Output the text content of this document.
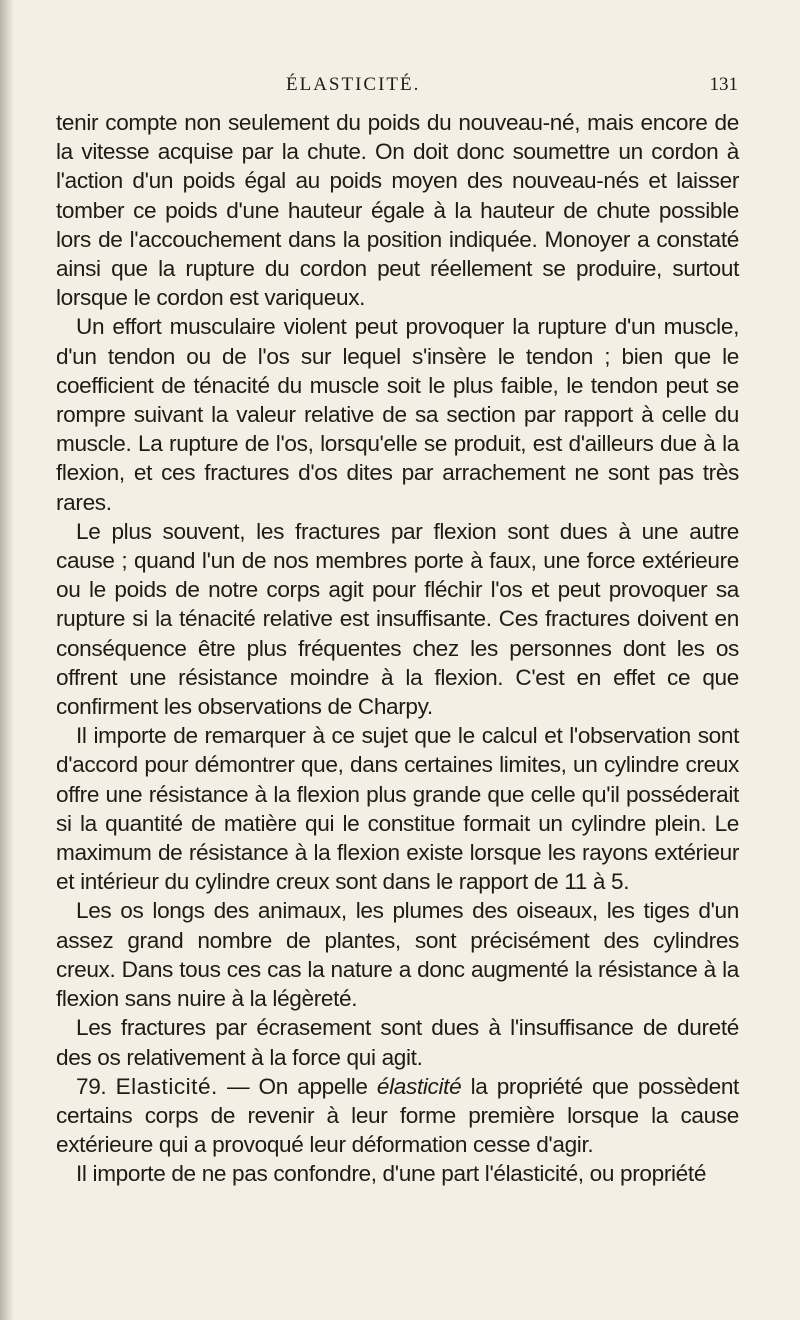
ÉLASTICITÉ.	131

tenir compte non seulement du poids du nouveau-né, mais encore de la vitesse acquise par la chute. On doit donc soumettre un cordon à l'action d'un poids égal au poids moyen des nouveau-nés et laisser tomber ce poids d'une hauteur égale à la hauteur de chute possible lors de l'accouchement dans la position indiquée. Monoyer a constaté ainsi que la rupture du cordon peut réellement se produire, surtout lorsque le cordon est variqueux.

Un effort musculaire violent peut provoquer la rupture d'un muscle, d'un tendon ou de l'os sur lequel s'insère le tendon ; bien que le coefficient de ténacité du muscle soit le plus faible, le tendon peut se rompre suivant la valeur relative de sa section par rapport à celle du muscle. La rupture de l'os, lorsqu'elle se produit, est d'ailleurs due à la flexion, et ces fractures d'os dites par arrachement ne sont pas très rares.

Le plus souvent, les fractures par flexion sont dues à une autre cause ; quand l'un de nos membres porte à faux, une force extérieure ou le poids de notre corps agit pour fléchir l'os et peut provoquer sa rupture si la ténacité relative est insuffisante. Ces fractures doivent en conséquence être plus fréquentes chez les personnes dont les os offrent une résistance moindre à la flexion. C'est en effet ce que confirment les observations de Charpy.

Il importe de remarquer à ce sujet que le calcul et l'observation sont d'accord pour démontrer que, dans certaines limites, un cylindre creux offre une résistance à la flexion plus grande que celle qu'il posséderait si la quantité de matière qui le constitue formait un cylindre plein. Le maximum de résistance à la flexion existe lorsque les rayons extérieur et intérieur du cylindre creux sont dans le rapport de 11 à 5.

Les os longs des animaux, les plumes des oiseaux, les tiges d'un assez grand nombre de plantes, sont précisément des cylindres creux. Dans tous ces cas la nature a donc augmenté la résistance à la flexion sans nuire à la légèreté.

Les fractures par écrasement sont dues à l'insuffisance de dureté des os relativement à la force qui agit.

79. Elasticité. — On appelle élasticité la propriété que possèdent certains corps de revenir à leur forme première lorsque la cause extérieure qui a provoqué leur déformation cesse d'agir.

Il importe de ne pas confondre, d'une part l'élasticité, ou propriété
